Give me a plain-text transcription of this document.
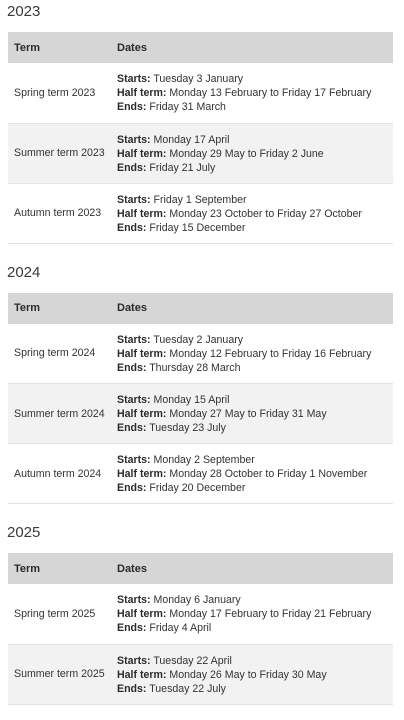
2023
Term	Dates
Spring term 2023	Starts: Tuesday 3 January
Half term: Monday 13 February to Friday 17 February
Ends: Friday 31 March

Summer term 2023	Starts: Monday 17 April
Half term: Monday 29 May to Friday 2 June
Ends: Friday 21 July

Autumn term 2023	Starts: Friday 1 September
Half term: Monday 23 October to Friday 27 October
Ends: Friday 15 December
2024
Term	Dates
Spring term 2024	Starts: Tuesday 2 January
Half term: Monday 12 February to Friday 16 February
Ends: Thursday 28 March

Summer term 2024	Starts: Monday 15 April
Half term: Monday 27 May to Friday 31 May
Ends: Tuesday 23 July

Autumn term 2024	Starts: Monday 2 September
Half term: Monday 28 October to Friday 1 November
Ends: Friday 20 December
2025
Term	Dates
Spring term 2025	Starts: Monday 6 January
Half term: Monday 17 February to Friday 21 February
Ends: Friday 4 April

Summer term 2025	Starts: Tuesday 22 April
Half term: Monday 26 May to Friday 30 May
Ends: Tuesday 22 July
